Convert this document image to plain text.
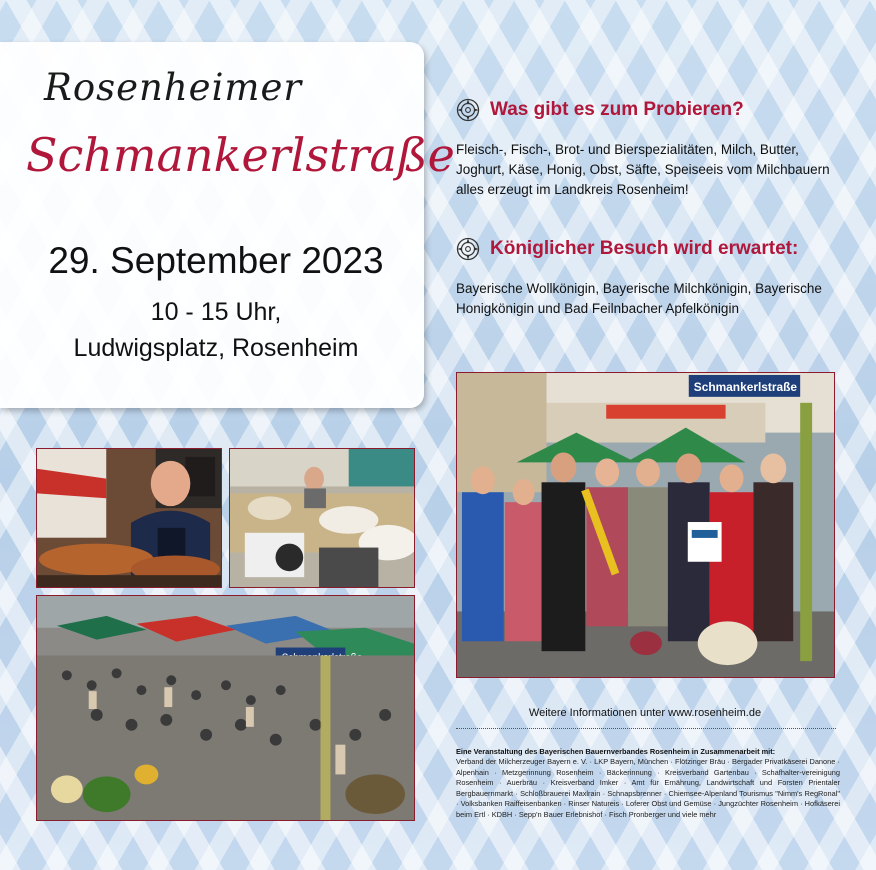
Rosenheimer
Schmankerlstraße
29. September 2023
10 - 15 Uhr,
Ludwigsplatz, Rosenheim
Was gibt es zum Probieren?
Fleisch-, Fisch-, Brot- und Bierspezialitäten, Milch, Butter, Joghurt, Käse, Honig, Obst, Säfte, Speiseeis vom Milchbauern alles erzeugt im Landkreis Rosenheim!
Königlicher Besuch wird erwartet:
Bayerische Wollkönigin, Bayerische Milchkönigin, Bayerische Honigkönigin und Bad Feilnbacher Apfelkönigin
Schmankerlstraße
Weitere Informationen unter www.rosenheim.de
Eine Veranstaltung des Bayerischen Bauernverbandes Rosenheim in Zusammenarbeit mit:
Verband der Milcherzeuger Bayern e. V. · LKP Bayern, München · Flötzinger Bräu · Bergader Privatkäserei Danone · Alpenhain · Metzgerinnung Rosenheim · Bäckerinnung · Kreisverband Gartenbau · Schafhalter-vereinigung Rosenheim · Auerbräu · Kreisverband Imker · Amt für Ernährung, Landwirtschaft und Forsten Prientaler Bergbauernmarkt · Schloßbrauerei Maxlrain · Schnapsbrenner · Chiemsee-Alpenland Tourismus "Nimm's RegRonal" · Volksbanken Raiffeisenbanken · Rinser Natureis · Loferer Obst und Gemüse · Jungzüchter Rosenheim · Hofkäserei beim Ertl · KDBH · Sepp'n Bauer Erlebnishof · Fisch Pronberger und viele mehr
